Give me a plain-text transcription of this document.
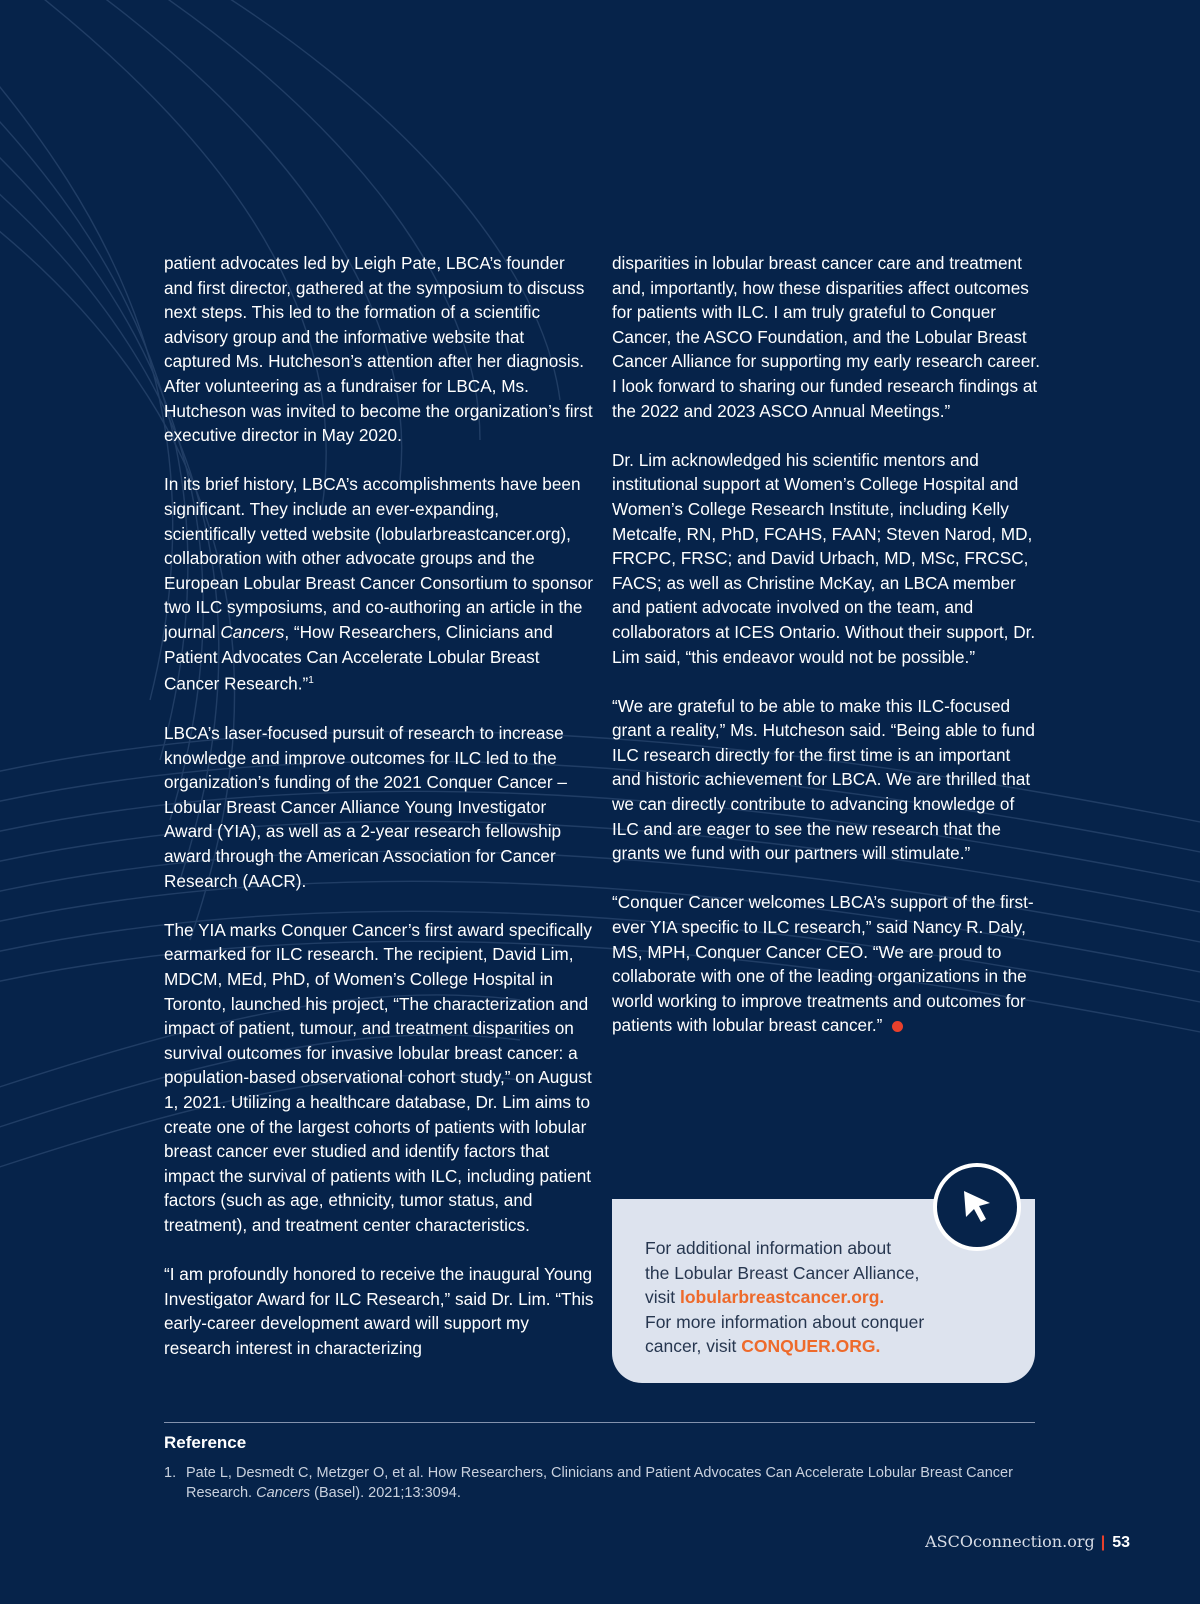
patient advocates led by Leigh Pate, LBCA’s founder and first director, gathered at the symposium to discuss next steps. This led to the formation of a scientific advisory group and the informative website that captured Ms. Hutcheson’s attention after her diagnosis. After volunteering as a fundraiser for LBCA, Ms. Hutcheson was invited to become the organization’s first executive director in May 2020.

In its brief history, LBCA’s accomplishments have been significant. They include an ever-expanding, scientifically vetted website (lobularbreastcancer.org), collaboration with other advocate groups and the European Lobular Breast Cancer Consortium to sponsor two ILC symposiums, and co-authoring an article in the journal Cancers, “How Researchers, Clinicians and Patient Advocates Can Accelerate Lobular Breast Cancer Research.”$^1$

LBCA’s laser-focused pursuit of research to increase knowledge and improve outcomes for ILC led to the organization’s funding of the 2021 Conquer Cancer – Lobular Breast Cancer Alliance Young Investigator Award (YIA), as well as a 2-year research fellowship award through the American Association for Cancer Research (AACR).

The YIA marks Conquer Cancer’s first award specifically earmarked for ILC research. The recipient, David Lim, MDCM, MEd, PhD, of Women’s College Hospital in Toronto, launched his project, “The characterization and impact of patient, tumour, and treatment disparities on survival outcomes for invasive lobular breast cancer: a population-based observational cohort study,” on August 1, 2021. Utilizing a healthcare database, Dr. Lim aims to create one of the largest cohorts of patients with lobular breast cancer ever studied and identify factors that impact the survival of patients with ILC, including patient factors (such as age, ethnicity, tumor status, and treatment), and treatment center characteristics.

“I am profoundly honored to receive the inaugural Young Investigator Award for ILC Research,” said Dr. Lim. “This early-career development award will support my research interest in characterizing

disparities in lobular breast cancer care and treatment and, importantly, how these disparities affect outcomes for patients with ILC. I am truly grateful to Conquer Cancer, the ASCO Foundation, and the Lobular Breast Cancer Alliance for supporting my early research career. I look forward to sharing our funded research findings at the 2022 and 2023 ASCO Annual Meetings.”

Dr. Lim acknowledged his scientific mentors and institutional support at Women’s College Hospital and Women’s College Research Institute, including Kelly Metcalfe, RN, PhD, FCAHS, FAAN; Steven Narod, MD, FRCPC, FRSC; and David Urbach, MD, MSc, FRCSC, FACS; as well as Christine McKay, an LBCA member and patient advocate involved on the team, and collaborators at ICES Ontario. Without their support, Dr. Lim said, “this endeavor would not be possible.”

“We are grateful to be able to make this ILC-focused grant a reality,” Ms. Hutcheson said. “Being able to fund ILC research directly for the first time is an important and historic achievement for LBCA. We are thrilled that we can directly contribute to advancing knowledge of ILC and are eager to see the new research that the grants we fund with our partners will stimulate.”

“Conquer Cancer welcomes LBCA’s support of the first-ever YIA specific to ILC research,” said Nancy R. Daly, MS, MPH, Conquer Cancer CEO. “We are proud to collaborate with one of the leading organizations in the world working to improve treatments and outcomes for patients with lobular breast cancer.”

For additional information about
the Lobular Breast Cancer Alliance,
visit lobularbreastcancer.org.
For more information about conquer
cancer, visit CONQUER.ORG.
Reference
1. Pate L, Desmedt C, Metzger O, et al. How Researchers, Clinicians and Patient Advocates Can Accelerate Lobular Breast Cancer Research. Cancers (Basel). 2021;13:3094.
ASCOconnection.org | 53
